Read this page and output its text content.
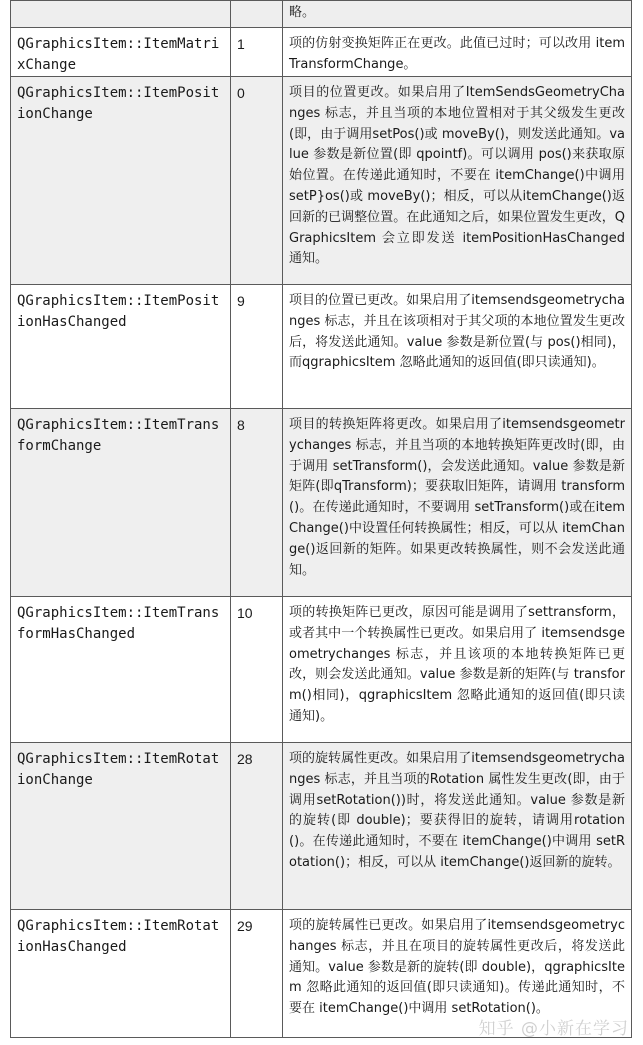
		略。
QGraphicsItem::ItemMatrixChange	1	项的仿射变换矩阵正在更改。此值已过时；可以改用 itemTransformChange。
QGraphicsItem::ItemPositionChange	0	项目的位置更改。如果启用了ItemSendsGeometryChanges 标志，并且当项的本地位置相对于其父级发生更改(即，由于调用setPos()或 moveBy()，则发送此通知。value 参数是新位置(即 qpointf)。可以调用 pos()来获取原始位置。在传递此通知时，不要在 itemChange()中调用 setP}os()或 moveBy()；相反，可以从itemChange()返回新的已调整位置。在此通知之后，如果位置发生更改，QGraphicsItem 会立即发送 itemPositionHasChanged 通知。
QGraphicsItem::ItemPositionHasChanged	9	项目的位置已更改。如果启用了itemsendsgeometrychanges 标志，并且在该项相对于其父项的本地位置发生更改后，将发送此通知。value 参数是新位置(与 pos()相同)，而qgraphicsItem 忽略此通知的返回值(即只读通知)。
QGraphicsItem::ItemTransformChange	8	项目的转换矩阵将更改。如果启用了itemsendsgeometrychanges 标志，并且当项的本地转换矩阵更改时(即，由于调用 setTransform()，会发送此通知。value 参数是新矩阵(即qTransform)；要获取旧矩阵，请调用 transform()。在传递此通知时，不要调用 setTransform()或在itemChange()中设置任何转换属性；相反，可以从 itemChange()返回新的矩阵。如果更改转换属性，则不会发送此通知。
QGraphicsItem::ItemTransformHasChanged	10	项的转换矩阵已更改，原因可能是调用了settransform，或者其中一个转换属性已更改。如果启用了 itemsendsgeometrychanges 标志，并且该项的本地转换矩阵已更改，则会发送此通知。value 参数是新的矩阵(与 transform()相同)，qgraphicsItem 忽略此通知的返回值(即只读通知)。
QGraphicsItem::ItemRotationChange	28	项的旋转属性更改。如果启用了itemsendsgeometrychanges 标志，并且当项的Rotation 属性发生更改(即，由于调用setRotation())时，将发送此通知。value 参数是新的旋转(即 double)；要获得旧的旋转，请调用rotation()。在传递此通知时，不要在 itemChange()中调用 setRotation()；相反，可以从 itemChange()返回新的旋转。
QGraphicsItem::ItemRotationHasChanged	29	项的旋转属性已更改。如果启用了itemsendsgeometrychanges 标志，并且在项目的旋转属性更改后，将发送此通知。value 参数是新的旋转(即 double)，qgraphicsItem 忽略此通知的返回值(即只读通知)。传递此通知时，不要在 itemChange()中调用 setRotation()。
知乎 @小新在学习
